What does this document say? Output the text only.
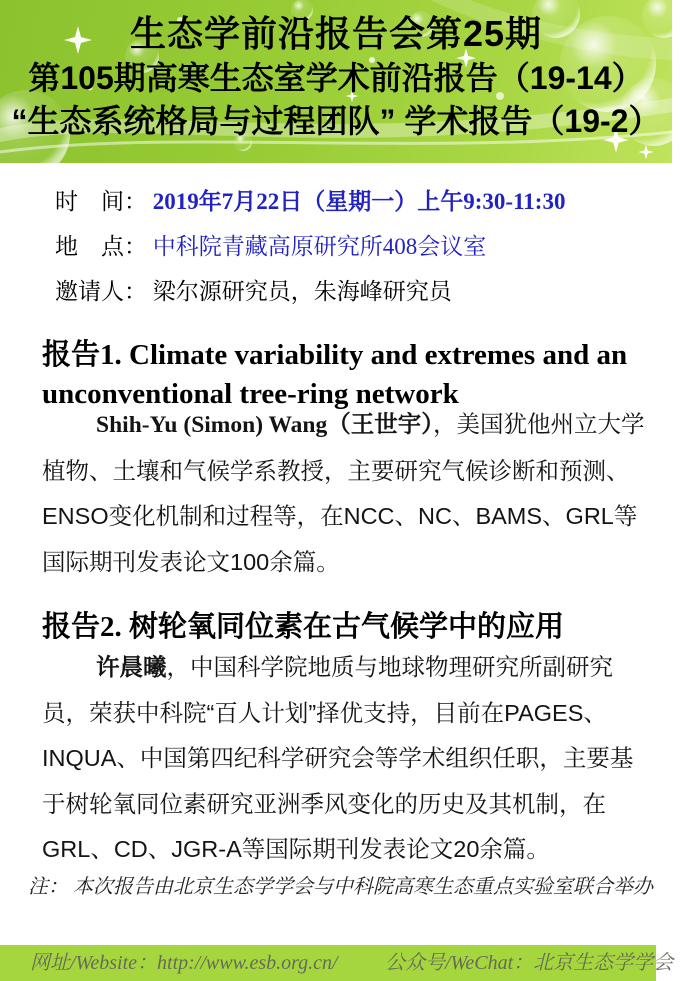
生态学前沿报告会第25期
第105期高寒生态室学术前沿报告（19-14）
“生态系统格局与过程团队” 学术报告（19-2）
时　间： 2019年7月22日（星期一）上午9:30-11:30
地　点： 中科院青藏高原研究所408会议室
邀请人： 梁尔源研究员，朱海峰研究员
报告1. Climate variability and extremes and an unconventional tree-ring network

Shih-Yu (Simon) Wang（王世宇），美国犹他州立大学植物、土壤和气候学系教授，主要研究气候诊断和预测、ENSO变化机制和过程等，在NCC、NC、BAMS、GRL等国际期刊发表论文100余篇。

报告2. 树轮氧同位素在古气候学中的应用

许晨曦，中国科学院地质与地球物理研究所副研究员，荣获中科院“百人计划”择优支持，目前在PAGES、INQUA、中国第四纪科学研究会等学术组织任职，主要基于树轮氧同位素研究亚洲季风变化的历史及其机制，在GRL、CD、JGR-A等国际期刊发表论文20余篇。

注： 本次报告由北京生态学学会与中科院高寒生态重点实验室联合举办
网址/Website：http://www.esb.org.cn/ 公众号/WeChat：北京生态学学会
